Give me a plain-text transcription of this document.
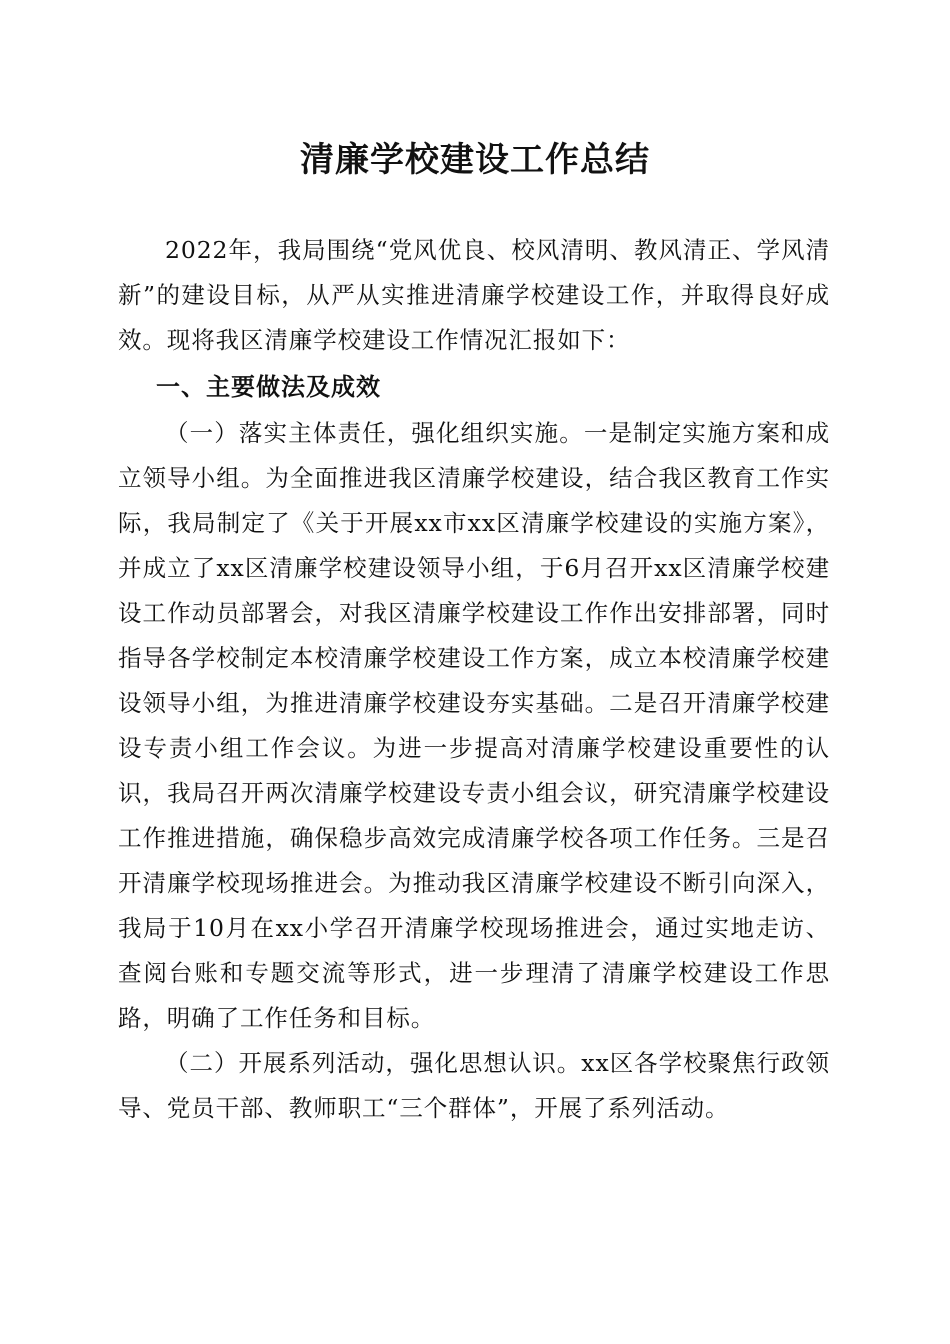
清廉学校建设工作总结

2022年，我局围绕“党风优良、校风清明、教风清正、学风清新”的建设目标，从严从实推进清廉学校建设工作，并取得良好成效。现将我区清廉学校建设工作情况汇报如下：

一、主要做法及成效

（一）落实主体责任，强化组织实施。一是制定实施方案和成立领导小组。为全面推进我区清廉学校建设，结合我区教育工作实际，我局制定了《关于开展xx市xx区清廉学校建设的实施方案》，并成立了xx区清廉学校建设领导小组，于6月召开xx区清廉学校建设工作动员部署会，对我区清廉学校建设工作作出安排部署，同时指导各学校制定本校清廉学校建设工作方案，成立本校清廉学校建设领导小组，为推进清廉学校建设夯实基础。二是召开清廉学校建设专责小组工作会议。为进一步提高对清廉学校建设重要性的认识，我局召开两次清廉学校建设专责小组会议，研究清廉学校建设工作推进措施，确保稳步高效完成清廉学校各项工作任务。三是召开清廉学校现场推进会。为推动我区清廉学校建设不断引向深入，我局于10月在xx小学召开清廉学校现场推进会，通过实地走访、查阅台账和专题交流等形式，进一步理清了清廉学校建设工作思路，明确了工作任务和目标。

（二）开展系列活动，强化思想认识。xx区各学校聚焦行政领导、党员干部、教师职工“三个群体”，开展了系列活动。
